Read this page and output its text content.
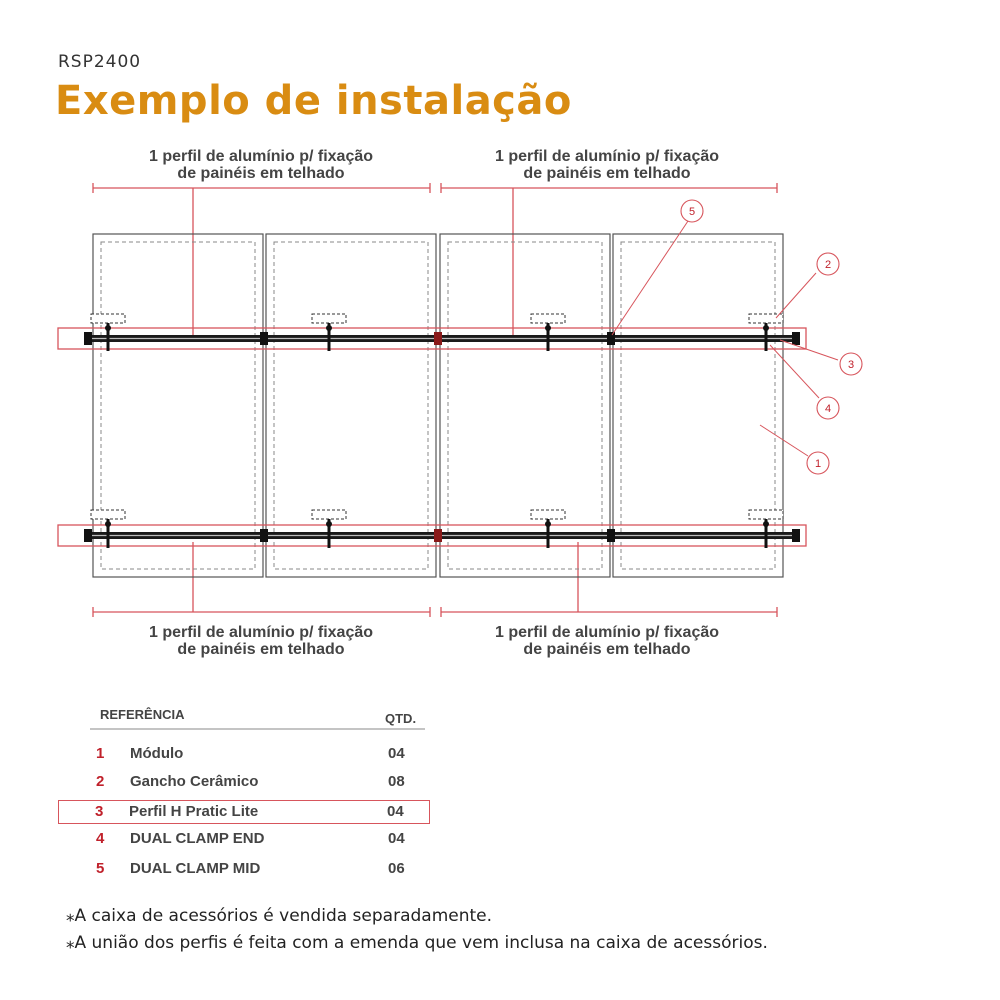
RSP2400
Exemplo de instalação
5
2
3
4
1
1 perfil de alumínio p/ fixação
de painéis em telhado
1 perfil de alumínio p/ fixação
de painéis em telhado
1 perfil de alumínio p/ fixação
de painéis em telhado
1 perfil de alumínio p/ fixação
de painéis em telhado
REFERÊNCIA	QTD.
1 Módulo	04
2 Gancho Cerâmico	08
3 Perfil H Pratic Lite	04
4 DUAL CLAMP END	04
5 DUAL CLAMP MID	06
⁎A caixa de acessórios é vendida separadamente.
⁎A união dos perfis é feita com a emenda que vem inclusa na caixa de acessórios.
